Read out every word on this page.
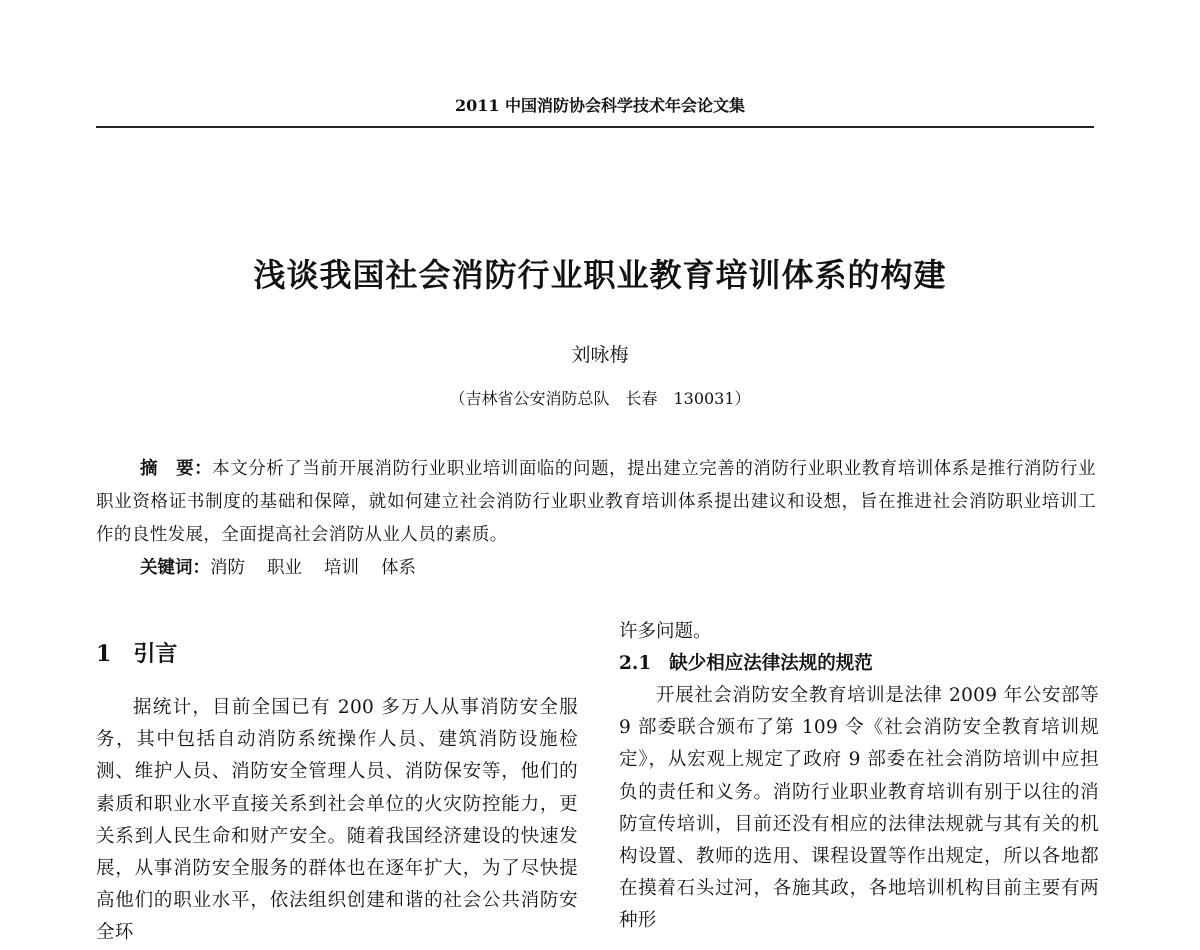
2011 中国消防协会科学技术年会论文集
浅谈我国社会消防行业职业教育培训体系的构建
刘咏梅
（吉林省公安消防总队　长春　130031）
摘　要：本文分析了当前开展消防行业职业培训面临的问题，提出建立完善的消防行业职业教育培训体系是推行消防行业职业资格证书制度的基础和保障，就如何建立社会消防行业职业教育培训体系提出建议和设想，旨在推进社会消防职业培训工作的良性发展，全面提高社会消防从业人员的素质。
关键词：消防 职业 培训 体系
1 引言

据统计，目前全国已有 200 多万人从事消防安全服务，其中包括自动消防系统操作人员、建筑消防设施检测、维护人员、消防安全管理人员、消防保安等，他们的素质和职业水平直接关系到社会单位的火灾防控能力，更关系到人民生命和财产安全。随着我国经济建设的快速发展，从事消防安全服务的群体也在逐年扩大，为了尽快提高他们的职业水平，依法组织创建和谐的社会公共消防安全环

许多问题。

2.1 缺少相应法律法规的规范

开展社会消防安全教育培训是法律 2009 年公安部等 9 部委联合颁布了第 109 令《社会消防安全教育培训规定》，从宏观上规定了政府 9 部委在社会消防培训中应担负的责任和义务。消防行业职业教育培训有别于以往的消防宣传培训，目前还没有相应的法律法规就与其有关的机构设置、教师的选用、课程设置等作出规定，所以各地都在摸着石头过河，各施其政，各地培训机构目前主要有两种形
